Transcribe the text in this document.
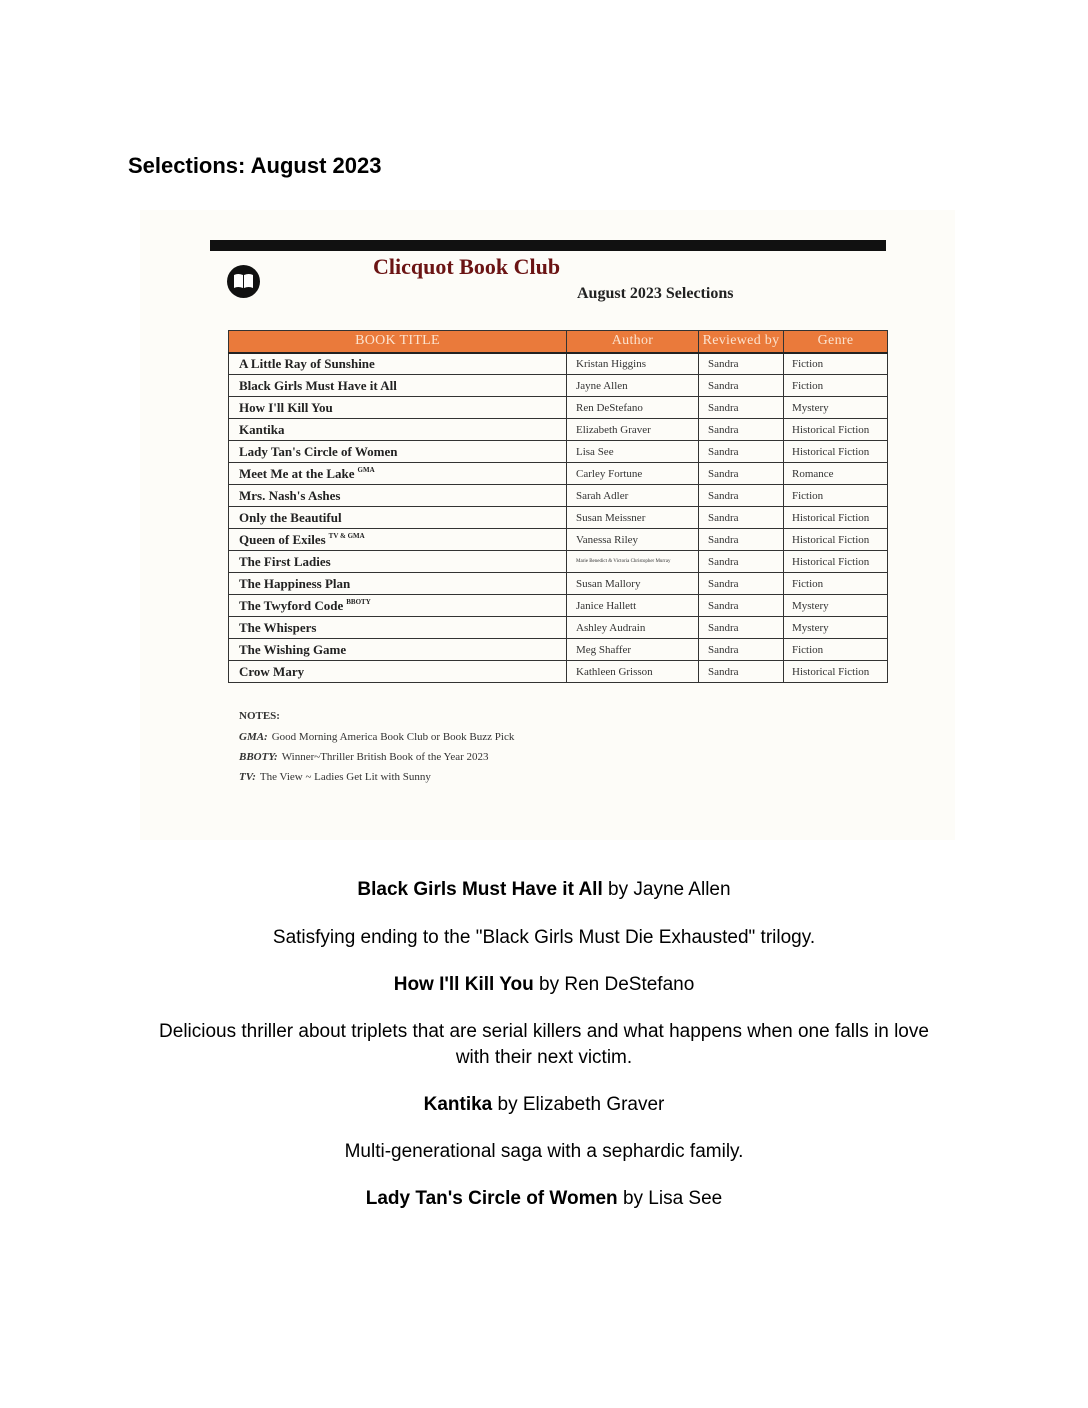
Selections: August 2023
Clicquot Book Club
August 2023 Selections
BOOK TITLE	Author	Reviewed by	Genre
A Little Ray of Sunshine	Kristan Higgins	Sandra	Fiction
Black Girls Must Have it All	Jayne Allen	Sandra	Fiction
How I'll Kill You	Ren DeStefano	Sandra	Mystery
Kantika	Elizabeth Graver	Sandra	Historical Fiction
Lady Tan's Circle of Women	Lisa See	Sandra	Historical Fiction
Meet Me at the Lake $^{GMA}$	Carley Fortune	Sandra	Romance
Mrs. Nash's Ashes	Sarah Adler	Sandra	Fiction
Only the Beautiful	Susan Meissner	Sandra	Historical Fiction
Queen of Exiles $^{TV \& GMA}$	Vanessa Riley	Sandra	Historical Fiction
The First Ladies	Marie Benedict & Victoria Christopher Murray	Sandra	Historical Fiction
The Happiness Plan	Susan Mallory	Sandra	Fiction
The Twyford Code $^{BBOTY}$	Janice Hallett	Sandra	Mystery
The Whispers	Ashley Audrain	Sandra	Mystery
The Wishing Game	Meg Shaffer	Sandra	Fiction
Crow Mary	Kathleen Grisson	Sandra	Historical Fiction
NOTES:
GMA: Good Morning America Book Club or Book Buzz Pick
BBOTY: Winner~Thriller British Book of the Year 2023
TV: The View ~ Ladies Get Lit with Sunny
Black Girls Must Have it All by Jayne Allen
Satisfying ending to the "Black Girls Must Die Exhausted" trilogy.
How I'll Kill You by Ren DeStefano
Delicious thriller about triplets that are serial killers and what happens when one falls in love
with their next victim.
Kantika by Elizabeth Graver
Multi-generational saga with a sephardic family.
Lady Tan's Circle of Women by Lisa See
